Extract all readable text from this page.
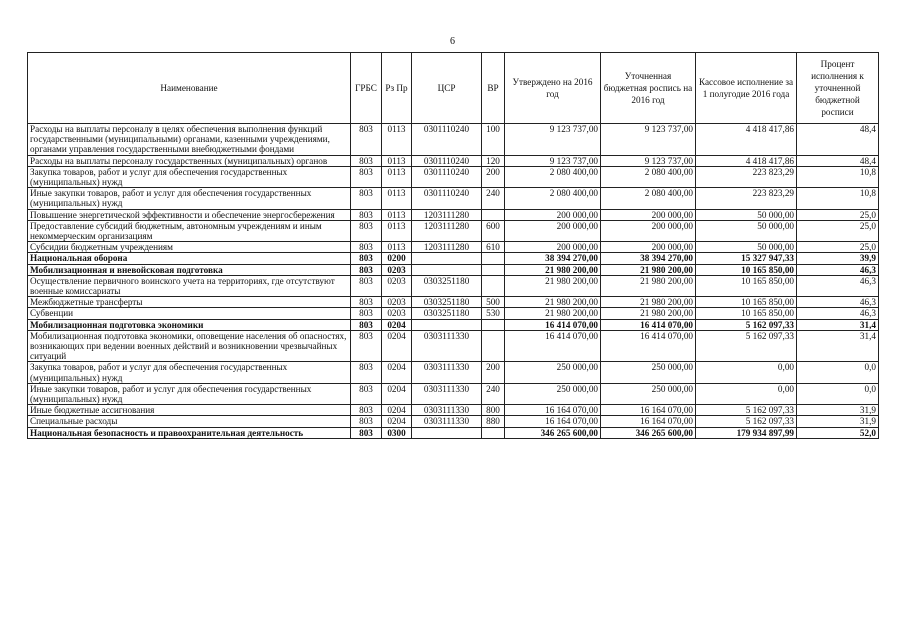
6
Наименование	ГРБС	Рз Пр	ЦСР	ВР	Утверждено на 2016 год	Уточненная бюджетная роспись на 2016 год	Кассовое исполнение за 1 полугодие 2016 года	Процент исполнения к уточненной бюджетной росписи
Расходы на выплаты персоналу в целях обеспечения выполнения функций государственными (муниципальными) органами, казенными учреждениями, органами управления государственными внебюджетными фондами	803	0113	0301110240	100	9 123 737,00	9 123 737,00	4 418 417,86	48,4
Расходы на выплаты персоналу государственных (муниципальных) органов	803	0113	0301110240	120	9 123 737,00	9 123 737,00	4 418 417,86	48,4
Закупка товаров, работ и услуг для обеспечения государственных (муниципальных) нужд	803	0113	0301110240	200	2 080 400,00	2 080 400,00	223 823,29	10,8
Иные закупки товаров, работ и услуг для обеспечения государственных (муниципальных) нужд	803	0113	0301110240	240	2 080 400,00	2 080 400,00	223 823,29	10,8
Повышение энергетической эффективности и обеспечение энергосбережения	803	0113	1203111280		200 000,00	200 000,00	50 000,00	25,0
Предоставление субсидий бюджетным, автономным учреждениям и иным некоммерческим организациям	803	0113	1203111280	600	200 000,00	200 000,00	50 000,00	25,0
Субсидии бюджетным учреждениям	803	0113	1203111280	610	200 000,00	200 000,00	50 000,00	25,0
Национальная оборона	803	0200			38 394 270,00	38 394 270,00	15 327 947,33	39,9
Мобилизационная и вневойсковая подготовка	803	0203			21 980 200,00	21 980 200,00	10 165 850,00	46,3
Осуществление первичного воинского учета на территориях, где отсутствуют военные комиссариаты	803	0203	0303251180		21 980 200,00	21 980 200,00	10 165 850,00	46,3
Межбюджетные трансферты	803	0203	0303251180	500	21 980 200,00	21 980 200,00	10 165 850,00	46,3
Субвенции	803	0203	0303251180	530	21 980 200,00	21 980 200,00	10 165 850,00	46,3
Мобилизационная подготовка экономики	803	0204			16 414 070,00	16 414 070,00	5 162 097,33	31,4
Мобилизационная подготовка экономики, оповещение населения об опасностях, возникающих при ведении военных действий и возникновении чрезвычайных ситуаций	803	0204	0303111330		16 414 070,00	16 414 070,00	5 162 097,33	31,4
Закупка товаров, работ и услуг для обеспечения государственных (муниципальных) нужд	803	0204	0303111330	200	250 000,00	250 000,00	0,00	0,0
Иные закупки товаров, работ и услуг для обеспечения государственных (муниципальных) нужд	803	0204	0303111330	240	250 000,00	250 000,00	0,00	0,0
Иные бюджетные ассигнования	803	0204	0303111330	800	16 164 070,00	16 164 070,00	5 162 097,33	31,9
Специальные расходы	803	0204	0303111330	880	16 164 070,00	16 164 070,00	5 162 097,33	31,9
Национальная безопасность и правоохранительная деятельность	803	0300			346 265 600,00	346 265 600,00	179 934 897,99	52,0
